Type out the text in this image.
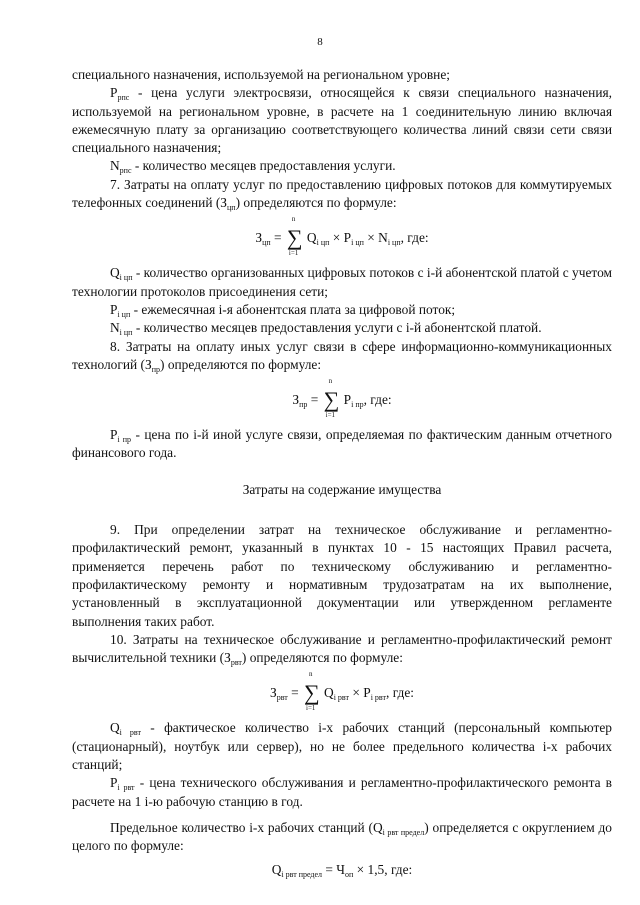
8

специального назначения, используемой на региональном уровне;

$P_{рпс}$ - цена услуги электросвязи, относящейся к связи специального назначения, используемой на региональном уровне, в расчете на 1 соединительную линию включая ежемесячную плату за организацию соответствующего количества линий связи сети связи специального назначения;

$N_{рпс}$ - количество месяцев предоставления услуги.

7. Затраты на оплату услуг по предоставлению цифровых потоков для коммутируемых телефонных соединений $(З_{цп})$ определяются по формуле:

$З_{цп}$ =
n
∑
i=1
$Q_{i цп} \times P_{i цп} \times N_{i цп}$, где:

$Q_{i цп}$ - количество организованных цифровых потоков с i-й абонентской платой с учетом технологии протоколов присоединения сети;

$P_{i цп}$ - ежемесячная i-я абонентская плата за цифровой поток;

$N_{i цп}$ - количество месяцев предоставления услуги с i-й абонентской платой.

8. Затраты на оплату иных услуг связи в сфере информационно-коммуникационных технологий $(З_{пр})$ определяются по формуле:

$З_{пр}$ =
n
∑
i=1
$P_{i пр}$, где:

$P_{i пр}$ - цена по i-й иной услуге связи, определяемая по фактическим данным отчетного финансового года.

Затраты на содержание имущества

9. При определении затрат на техническое обслуживание и регламентно-профилактический ремонт, указанный в пунктах 10 - 15 настоящих Правил расчета, применяется перечень работ по техническому обслуживанию и регламентно-профилактическому ремонту и нормативным трудозатратам на их выполнение, установленный в эксплуатационной документации или утвержденном регламенте выполнения таких работ.

10. Затраты на техническое обслуживание и регламентно-профилактический ремонт вычислительной техники $(З_{рвт})$ определяются по формуле:

$З_{рвт}$ =
n
∑
i=1
$Q_{i рвт} \times P_{i рвт}$, где:

$Q_{i рвт}$ - фактическое количество i-х рабочих станций (персональный компьютер (стационарный), ноутбук или сервер), но не более предельного количества i-х рабочих станций;

$P_{i рвт}$ - цена технического обслуживания и регламентно-профилактического ремонта в расчете на 1 i-ю рабочую станцию в год.

Предельное количество i-х рабочих станций $(Q_{i рвт предел})$ определяется с округлением до целого по формуле:

$Q_{i рвт предел} = Ч_{оп} \times 1,5$, где:
